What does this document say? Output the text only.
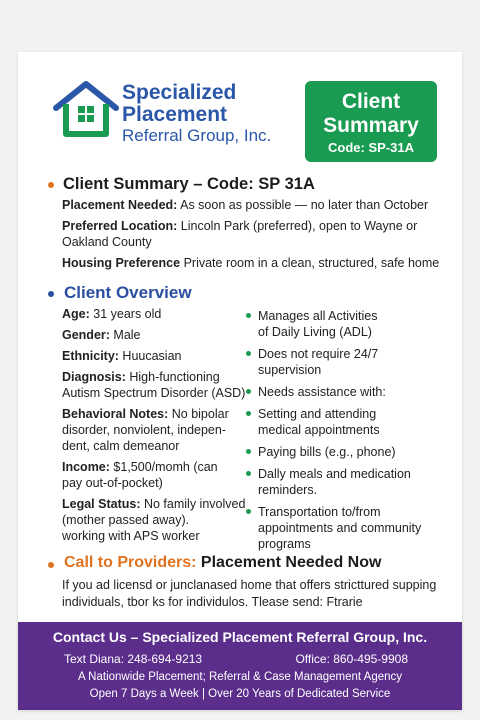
Specialized
Placement
Referral Group, Inc.
Client
Summary
Code: SP-31A
Client Summary – Code: SP 31A
Placement Needed: As soon as possible — no later than October
Preferred Location: Lincoln Park (preferred), open to Wayne or
Oakland County
Housing Preference Private room in a clean, structured, safe home
Client Overview
Age: 31 years old
Gender: Male
Ethnicity: Huucasian
Diagnosis: High-functioning
Autism Spectrum Disorder (ASD)
Behavioral Notes: No bipolar
disorder, nonviolent, indepen-
dent, calm demeanor
Income: $1,500/momh (can
pay out-of-pocket)
Legal Status: No family involved
(mother passed away).
working with APS worker
Manages all Activities
of Daily Living (ADL)
Does not require 24/7
supervision
Needs assistance with:
Setting and attending
medical appointments
Paying bills (e.g., phone)
Dally meals and medication
reminders.
Transportation to/from
appointments and community
programs
Call to Providers: Placement Needed Now
If you ad licensd or junclanased home that offers stricttured supping
individuals, tbor ks for individulos. Tlease send: Ftrarie
Contact Us – Specialized Placement Referral Group, Inc.
Text Diana: 248-694-9213	Office: 860-495-9908
A Nationwide Placement; Referral & Case Management Agency
Open 7 Days a Week | Over 20 Years of Dedicated Service
